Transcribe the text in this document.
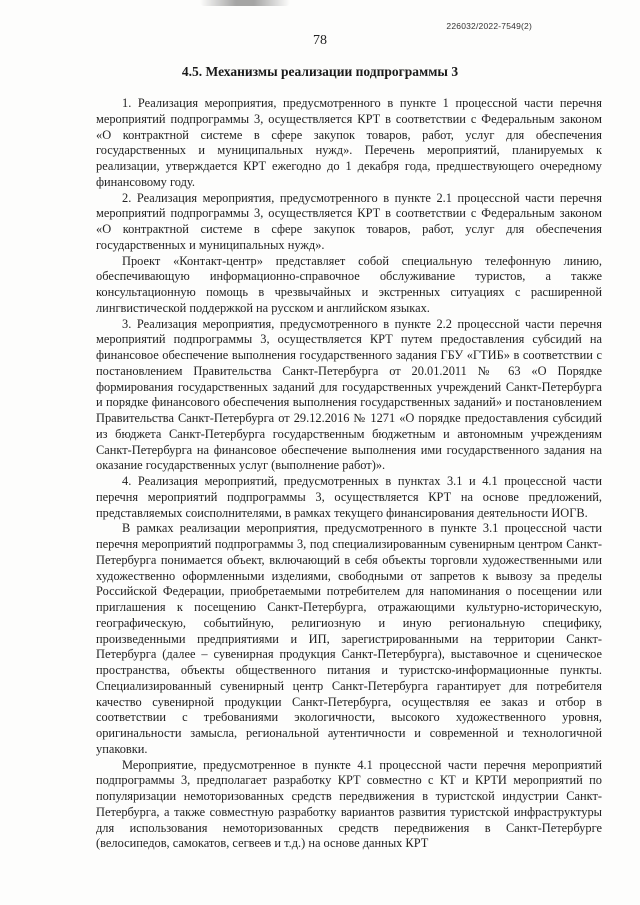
226032/2022-7549(2)
78
4.5. Механизмы реализации подпрограммы 3

1. Реализация мероприятия, предусмотренного в пункте 1 процессной части перечня мероприятий подпрограммы 3, осуществляется КРТ в соответствии с Федеральным законом «О контрактной системе в сфере закупок товаров, работ, услуг для обеспечения государственных и муниципальных нужд». Перечень мероприятий, планируемых к реализации, утверждается КРТ ежегодно до 1 декабря года, предшествующего очередному финансовому году.

2. Реализация мероприятия, предусмотренного в пункте 2.1 процессной части перечня мероприятий подпрограммы 3, осуществляется КРТ в соответствии с Федеральным законом «О контрактной системе в сфере закупок товаров, работ, услуг для обеспечения государственных и муниципальных нужд».

Проект «Контакт-центр» представляет собой специальную телефонную линию, обеспечивающую информационно-справочное обслуживание туристов, а также консультационную помощь в чрезвычайных и экстренных ситуациях с расширенной лингвистической поддержкой на русском и английском языках.

3. Реализация мероприятия, предусмотренного в пункте 2.2 процессной части перечня мероприятий подпрограммы 3, осуществляется КРТ путем предоставления субсидий на финансовое обеспечение выполнения государственного задания ГБУ «ГТИБ» в соответствии с постановлением Правительства Санкт-Петербурга от 20.01.2011 № 63 «О Порядке формирования государственных заданий для государственных учреждений Санкт-Петербурга и порядке финансового обеспечения выполнения государственных заданий» и постановлением Правительства Санкт-Петербурга от 29.12.2016 № 1271 «О порядке предоставления субсидий из бюджета Санкт-Петербурга государственным бюджетным и автономным учреждениям Санкт-Петербурга на финансовое обеспечение выполнения ими государственного задания на оказание государственных услуг (выполнение работ)».

4. Реализация мероприятий, предусмотренных в пунктах 3.1 и 4.1 процессной части перечня мероприятий подпрограммы 3, осуществляется КРТ на основе предложений, представляемых соисполнителями, в рамках текущего финансирования деятельности ИОГВ.

В рамках реализации мероприятия, предусмотренного в пункте 3.1 процессной части перечня мероприятий подпрограммы 3, под специализированным сувенирным центром Санкт-Петербурга понимается объект, включающий в себя объекты торговли художественными или художественно оформленными изделиями, свободными от запретов к вывозу за пределы Российской Федерации, приобретаемыми потребителем для напоминания о посещении или приглашения к посещению Санкт-Петербурга, отражающими культурно-историческую, географическую, событийную, религиозную и иную региональную специфику, произведенными предприятиями и ИП, зарегистрированными на территории Санкт-Петербурга (далее – сувенирная продукция Санкт-Петербурга), выставочное и сценическое пространства, объекты общественного питания и туристско-информационные пункты. Специализированный сувенирный центр Санкт-Петербурга гарантирует для потребителя качество сувенирной продукции Санкт-Петербурга, осуществляя ее заказ и отбор в соответствии с требованиями экологичности, высокого художественного уровня, оригинальности замысла, региональной аутентичности и современной и технологичной упаковки.

Мероприятие, предусмотренное в пункте 4.1 процессной части перечня мероприятий подпрограммы 3, предполагает разработку КРТ совместно с КТ и КРТИ мероприятий по популяризации немоторизованных средств передвижения в туристской индустрии Санкт-Петербурга, а также совместную разработку вариантов развития туристской инфраструктуры для использования немоторизованных средств передвижения в Санкт-Петербурге (велосипедов, самокатов, сегвеев и т.д.) на основе данных КРТ
